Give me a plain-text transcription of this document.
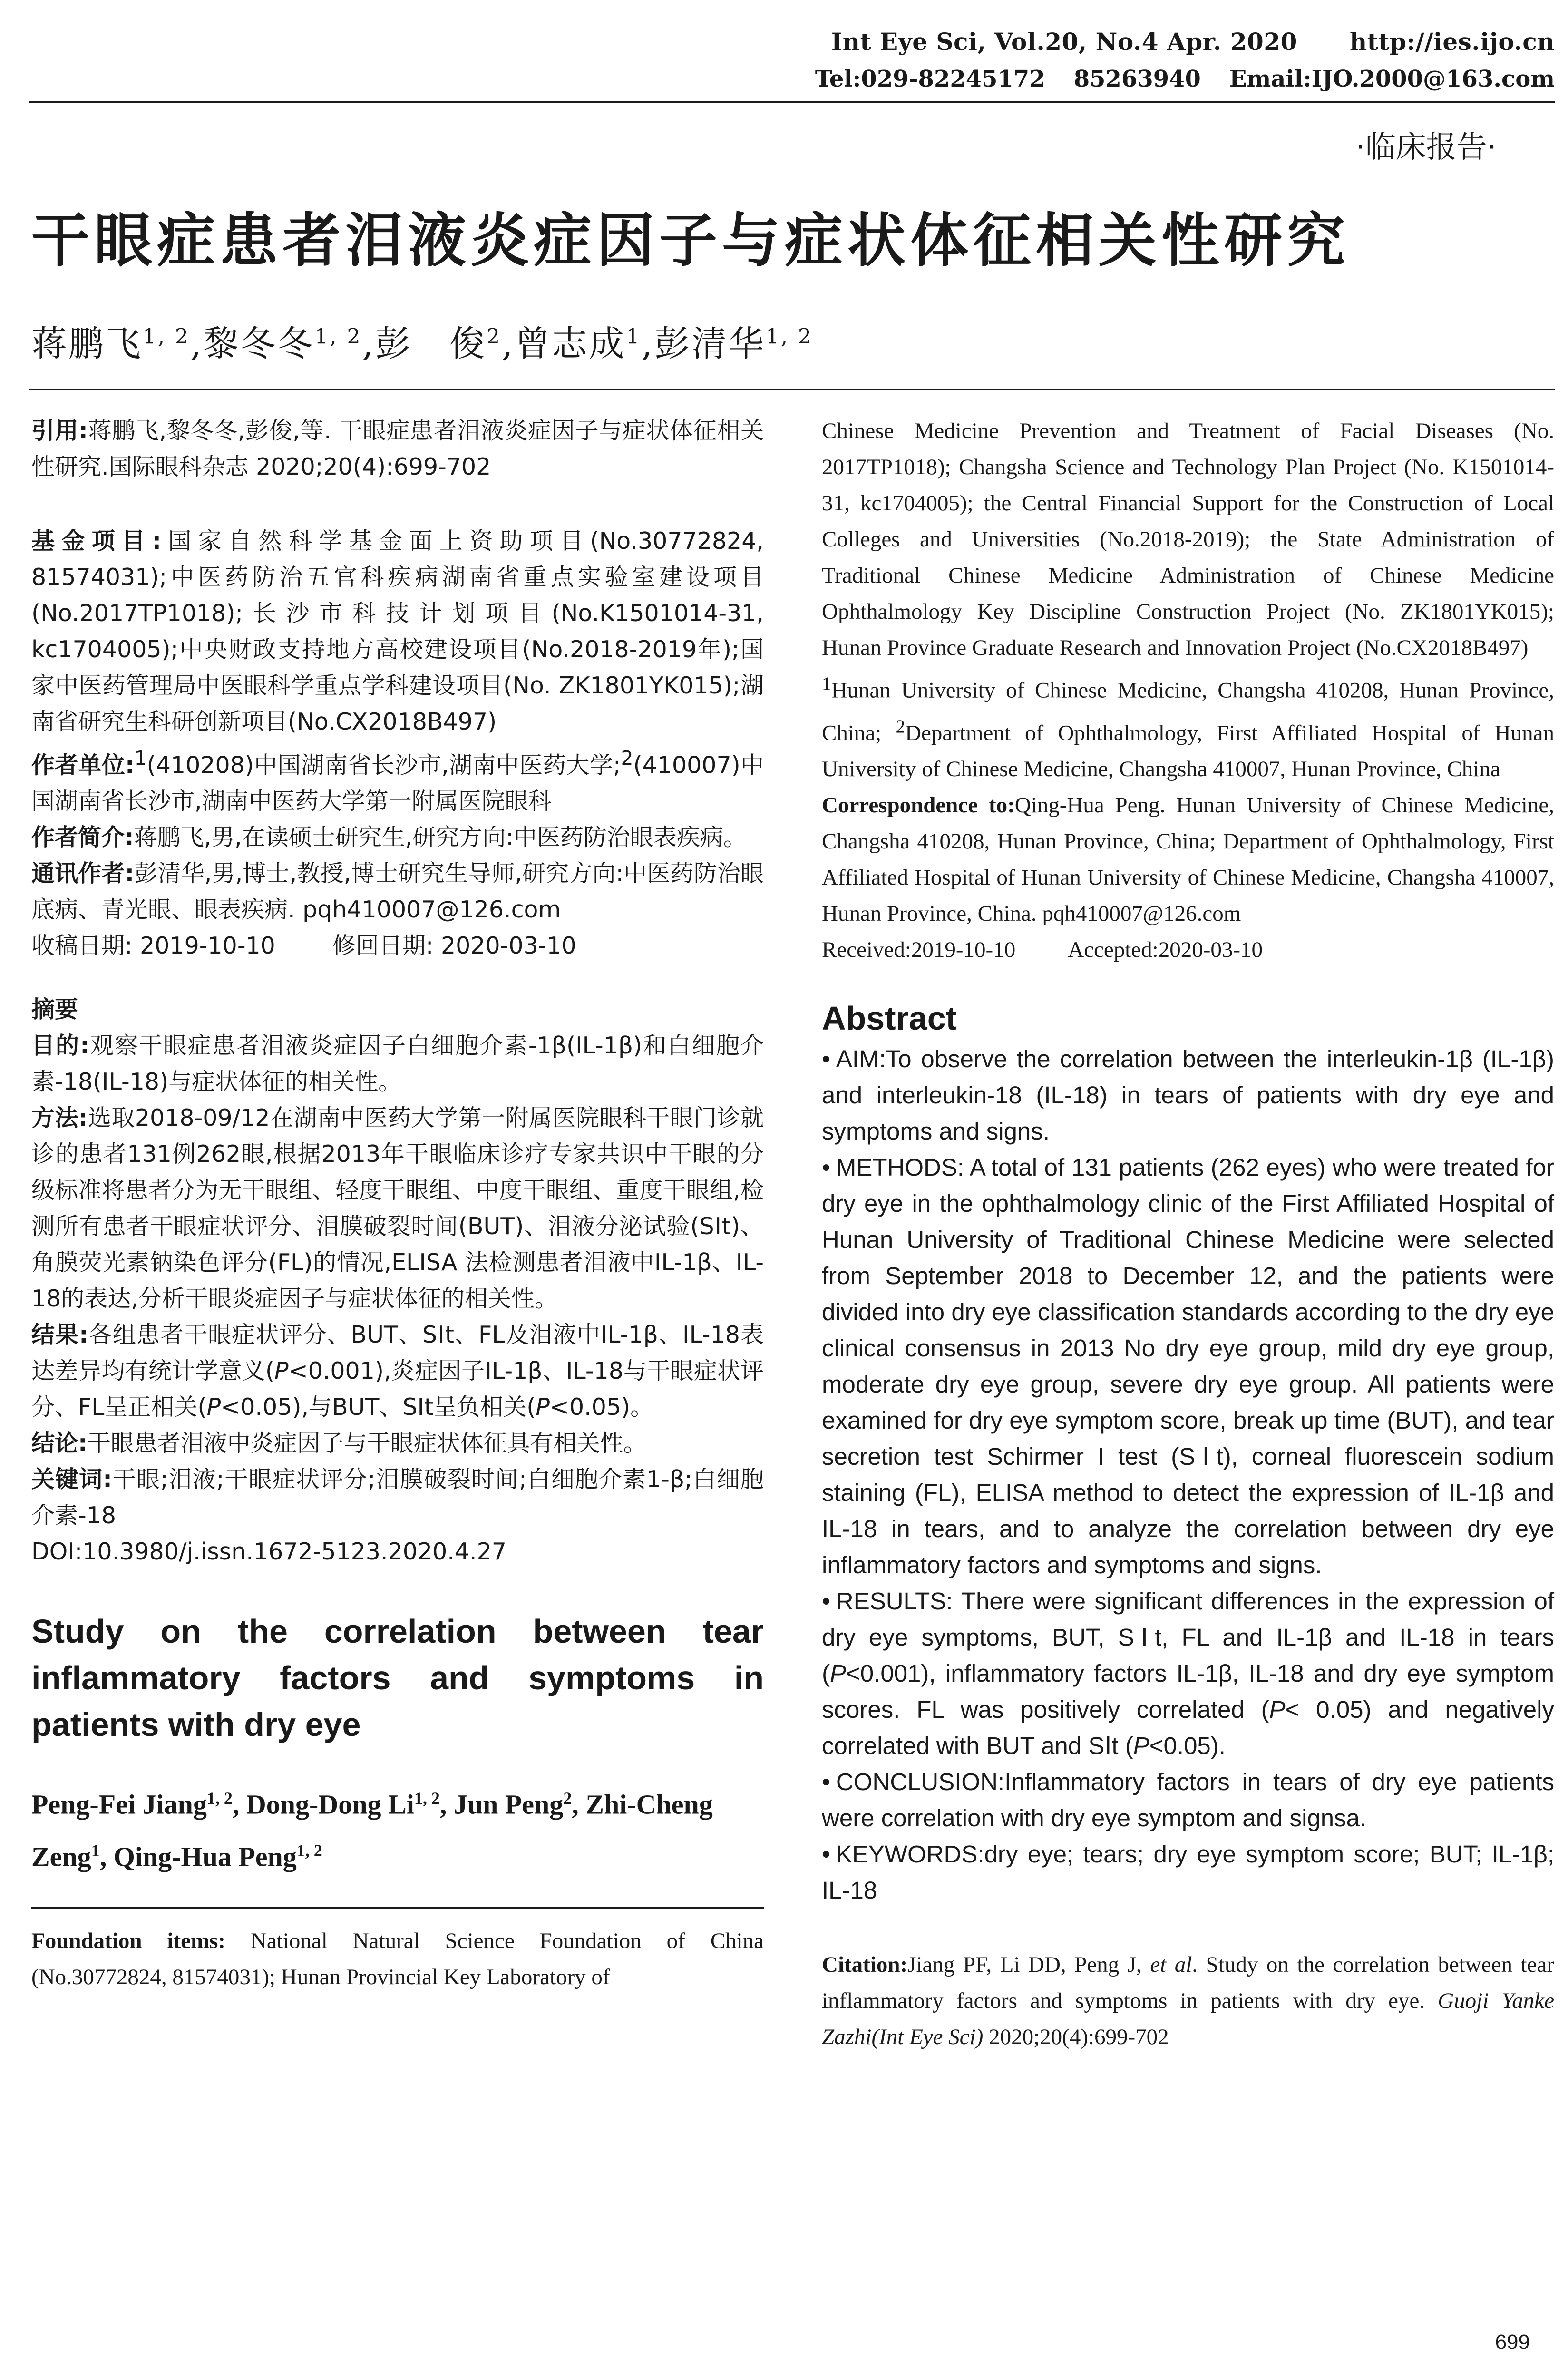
Int Eye Sci, Vol.20, No.4 Apr. 2020 http://ies.ijo.cn
Tel:029-82245172 85263940 Email:IJO.2000@163.com
·临床报告·
干眼症患者泪液炎症因子与症状体征相关性研究
蒋鹏飞$^{1, 2}$,黎冬冬$^{1, 2}$,彭　俊$^2$,曾志成$^1$,彭清华$^{1, 2}$

引用:蒋鹏飞,黎冬冬,彭俊,等. 干眼症患者泪液炎症因子与症状体征相关性研究.国际眼科杂志 2020;20(4):699-702

基金项目:国家自然科学基金面上资助项目(No.30772824, 81574031);中医药防治五官科疾病湖南省重点实验室建设项目(No.2017TP1018);长沙市科技计划项目(No.K1501014-31, kc1704005);中央财政支持地方高校建设项目(No.2018-2019年);国家中医药管理局中医眼科学重点学科建设项目(No. ZK1801YK015);湖南省研究生科研创新项目(No.CX2018B497)

作者单位:$^1$(410208)中国湖南省长沙市,湖南中医药大学;$^2$(410007)中国湖南省长沙市,湖南中医药大学第一附属医院眼科

作者简介:蒋鹏飞,男,在读硕士研究生,研究方向:中医药防治眼表疾病。

通讯作者:彭清华,男,博士,教授,博士研究生导师,研究方向:中医药防治眼底病、青光眼、眼表疾病. pqh410007@126.com

收稿日期: 2019-10-10 修回日期: 2020-03-10

摘要

目的:观察干眼症患者泪液炎症因子白细胞介素-1β(IL-1β)和白细胞介素-18(IL-18)与症状体征的相关性。

方法:选取2018-09/12在湖南中医药大学第一附属医院眼科干眼门诊就诊的患者131例262眼,根据2013年干眼临床诊疗专家共识中干眼的分级标准将患者分为无干眼组、轻度干眼组、中度干眼组、重度干眼组,检测所有患者干眼症状评分、泪膜破裂时间(BUT)、泪液分泌试验(SⅠt)、角膜荧光素钠染色评分(FL)的情况,ELISA 法检测患者泪液中IL-1β、IL-18的表达,分析干眼炎症因子与症状体征的相关性。

结果:各组患者干眼症状评分、BUT、SⅠt、FL及泪液中IL-1β、IL-18表达差异均有统计学意义(P<0.001),炎症因子IL-1β、IL-18与干眼症状评分、FL呈正相关(P<0.05),与BUT、SⅠt呈负相关(P<0.05)。

结论:干眼患者泪液中炎症因子与干眼症状体征具有相关性。

关键词:干眼;泪液;干眼症状评分;泪膜破裂时间;白细胞介素1-β;白细胞介素-18

DOI:10.3980/j.issn.1672-5123.2020.4.27

Study on the correlation between tear inflammatory factors and symptoms in patients with dry eye

Peng-Fei Jiang$^{1, 2}$, Dong-Dong Li$^{1, 2}$, Jun Peng$^2$, Zhi-Cheng Zeng$^1$, Qing-Hua Peng$^{1, 2}$

Foundation items: National Natural Science Foundation of China (No.30772824, 81574031); Hunan Provincial Key Laboratory of

Chinese Medicine Prevention and Treatment of Facial Diseases (No. 2017TP1018); Changsha Science and Technology Plan Project (No. K1501014-31, kc1704005); the Central Financial Support for the Construction of Local Colleges and Universities (No.2018-2019); the State Administration of Traditional Chinese Medicine Administration of Chinese Medicine Ophthalmology Key Discipline Construction Project (No. ZK1801YK015); Hunan Province Graduate Research and Innovation Project (No.CX2018B497)

$^1$Hunan University of Chinese Medicine, Changsha 410208, Hunan Province, China; $^2$Department of Ophthalmology, First Affiliated Hospital of Hunan University of Chinese Medicine, Changsha 410007, Hunan Province, China

Correspondence to:Qing-Hua Peng. Hunan University of Chinese Medicine, Changsha 410208, Hunan Province, China; Department of Ophthalmology, First Affiliated Hospital of Hunan University of Chinese Medicine, Changsha 410007, Hunan Province, China. pqh410007@126.com

Received:2019-10-10 Accepted:2020-03-10

Abstract

• AIM:To observe the correlation between the interleukin-1β (IL-1β) and interleukin-18 (IL-18) in tears of patients with dry eye and symptoms and signs.

• METHODS: A total of 131 patients (262 eyes) who were treated for dry eye in the ophthalmology clinic of the First Affiliated Hospital of Hunan University of Traditional Chinese Medicine were selected from September 2018 to December 12, and the patients were divided into dry eye classification standards according to the dry eye clinical consensus in 2013 No dry eye group, mild dry eye group, moderate dry eye group, severe dry eye group. All patients were examined for dry eye symptom score, break up time (BUT), and tear secretion test Schirmer I test (SⅠt), corneal fluorescein sodium staining (FL), ELISA method to detect the expression of IL-1β and IL-18 in tears, and to analyze the correlation between dry eye inflammatory factors and symptoms and signs.

• RESULTS: There were significant differences in the expression of dry eye symptoms, BUT, SⅠt, FL and IL-1β and IL-18 in tears (P<0.001), inflammatory factors IL-1β, IL-18 and dry eye symptom scores. FL was positively correlated (P< 0.05) and negatively correlated with BUT and SⅠt (P<0.05).

• CONCLUSION:Inflammatory factors in tears of dry eye patients were correlation with dry eye symptom and signsa.

• KEYWORDS:dry eye; tears; dry eye symptom score; BUT; IL-1β; IL-18

Citation:Jiang PF, Li DD, Peng J, et al. Study on the correlation between tear inflammatory factors and symptoms in patients with dry eye. Guoji Yanke Zazhi(Int Eye Sci) 2020;20(4):699-702

699
